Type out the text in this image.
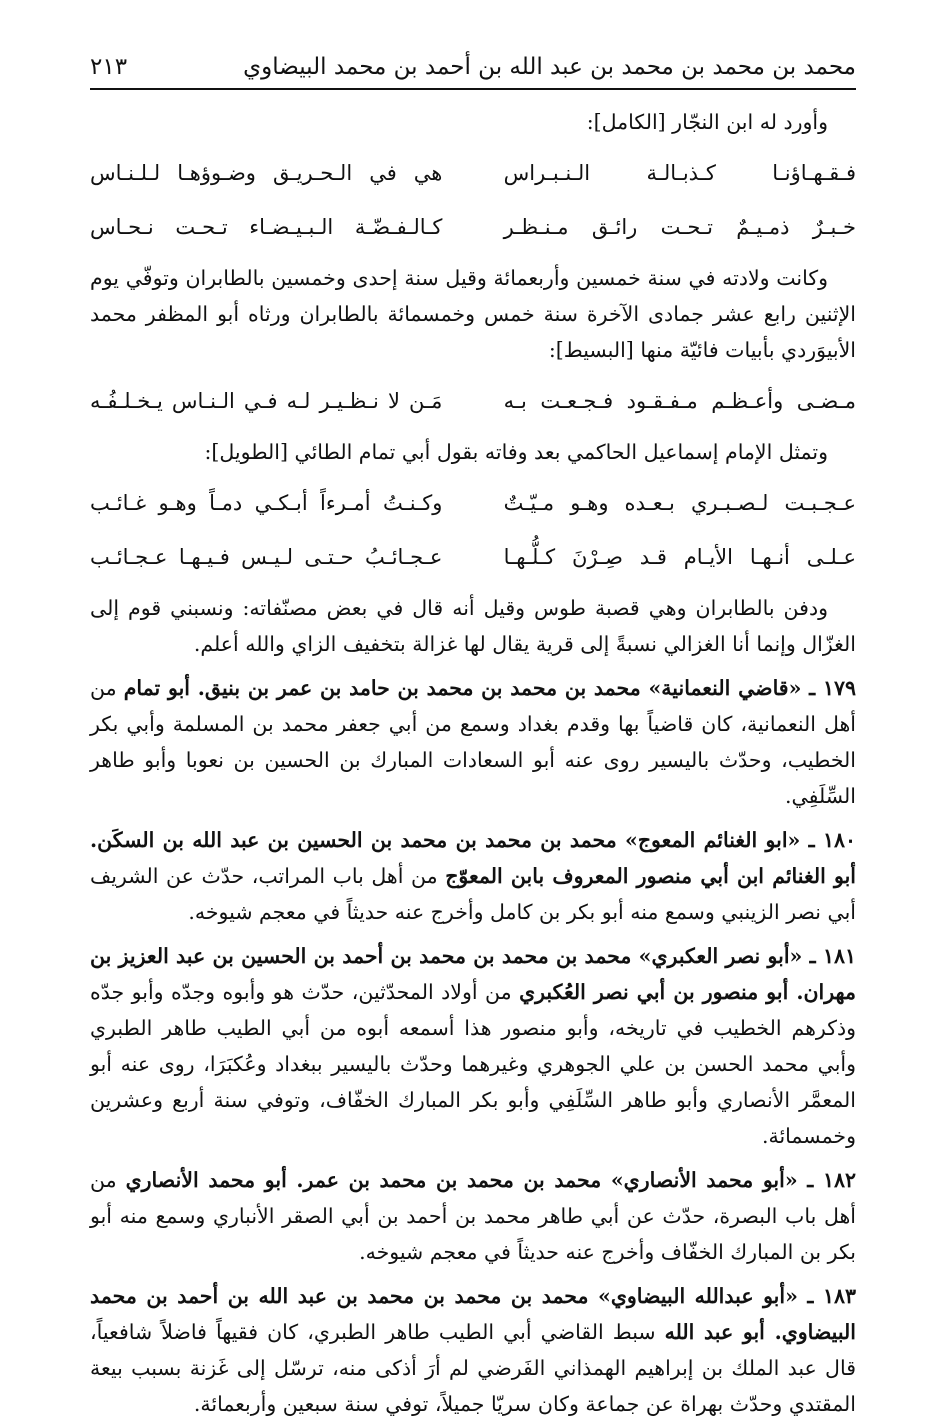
محمد بن محمد بن محمد بن عبد الله بن أحمد بن محمد البيضاوي
٢١٣

وأورد له ابن النجّار [الكامل]:

فـقـهـاؤنـا كـذبـالـة الـنـبـراس
هي في الـحـريـق وضـوؤهـا لـلـنـاس
خـبـرٌ ذمـيـمٌ تـحـت رائـق مـنـظـر
كـالـفـضّـة الـبـيـضـاء تـحـت نـحـاس

وكانت ولادته في سنة خمسين وأربعمائة وقيل سنة إحدى وخمسين بالطابران وتوفّي يوم الإثنين رابع عشر جمادى الآخرة سنة خمس وخمسمائة بالطابران ورثاه أبو المظفر محمد الأبيوَردي بأبيات فائيّة منها [البسيط]:

مـضـى وأعـظـم مـفـقـود فـجـعـت بـه
مَـن لا نـظـيـر لـه فـي الـنـاس يـخـلـفُـه

وتمثل الإمام إسماعيل الحاكمي بعد وفاته بقول أبي تمام الطائي [الطويل]:

عـجـبـت لـصـبـري بـعـده وهـو مـيّـتٌ
وكـنـتُ أمـرءاً أبـكـي دمـاً وهـو غـائـب
عـلـى أنـهـا الأيـام قـد صِـرْنَ كـلُّـهـا
عـجـائـبُ حـتـى لـيـس فـيـهـا عـجـائـب

ودفن بالطابران وهي قصبة طوس وقيل أنه قال في بعض مصنّفاته: ونسبني قوم إلى الغزّال وإنما أنا الغزالي نسبةً إلى قرية يقال لها غزالة بتخفيف الزاي والله أعلم.

١٧٩ ـ «قاضي النعمانية» محمد بن محمد بن محمد بن حامد بن عمر بن بنيق. أبو تمام من أهل النعمانية، كان قاضياً بها وقدم بغداد وسمع من أبي جعفر محمد بن المسلمة وأبي بكر الخطيب، وحدّث باليسير روى عنه أبو السعادات المبارك بن الحسين بن نعوبا وأبو طاهر السِّلَفِي.

١٨٠ ـ «ابو الغنائم المعوج» محمد بن محمد بن محمد بن الحسين بن عبد الله بن السكَن. أبو الغنائم ابن أبي منصور المعروف بابن المعوّج من أهل باب المراتب، حدّث عن الشريف أبي نصر الزينبي وسمع منه أبو بكر بن كامل وأخرج عنه حديثاً في معجم شيوخه.

١٨١ ـ «أبو نصر العكبري» محمد بن محمد بن محمد بن أحمد بن الحسين بن عبد العزيز بن مهران. أبو منصور بن أبي نصر العُكبري من أولاد المحدّثين، حدّث هو وأبوه وجدّه وأبو جدّه وذكرهم الخطيب في تاريخه، وأبو منصور هذا أسمعه أبوه من أبي الطيب طاهر الطبري وأبي محمد الحسن بن علي الجوهري وغيرهما وحدّث باليسير ببغداد وعُكبَرَا، روى عنه أبو المعمَّر الأنصاري وأبو طاهر السِّلَفِي وأبو بكر المبارك الخفّاف، وتوفي سنة أربع وعشرين وخمسمائة.

١٨٢ ـ «أبو محمد الأنصاري» محمد بن محمد بن محمد بن عمر. أبو محمد الأنصاري من أهل باب البصرة، حدّث عن أبي طاهر محمد بن أحمد بن أبي الصقر الأنباري وسمع منه أبو بكر بن المبارك الخفّاف وأخرج عنه حديثاً في معجم شيوخه.

١٨٣ ـ «أبو عبدالله البيضاوي» محمد بن محمد بن محمد بن عبد الله بن أحمد بن محمد البيضاوي. أبو عبد الله سبط القاضي أبي الطيب طاهر الطبري، كان فقيهاً فاضلاً شافعياً، قال عبد الملك بن إبراهيم الهمذاني الفَرضي لم أرَ أذكى منه، ترسّل إلى غَزنة بسبب بيعة المقتدي وحدّث بهراة عن جماعة وكان سريّا جميلاً، توفي سنة سبعين وأربعمائة.
